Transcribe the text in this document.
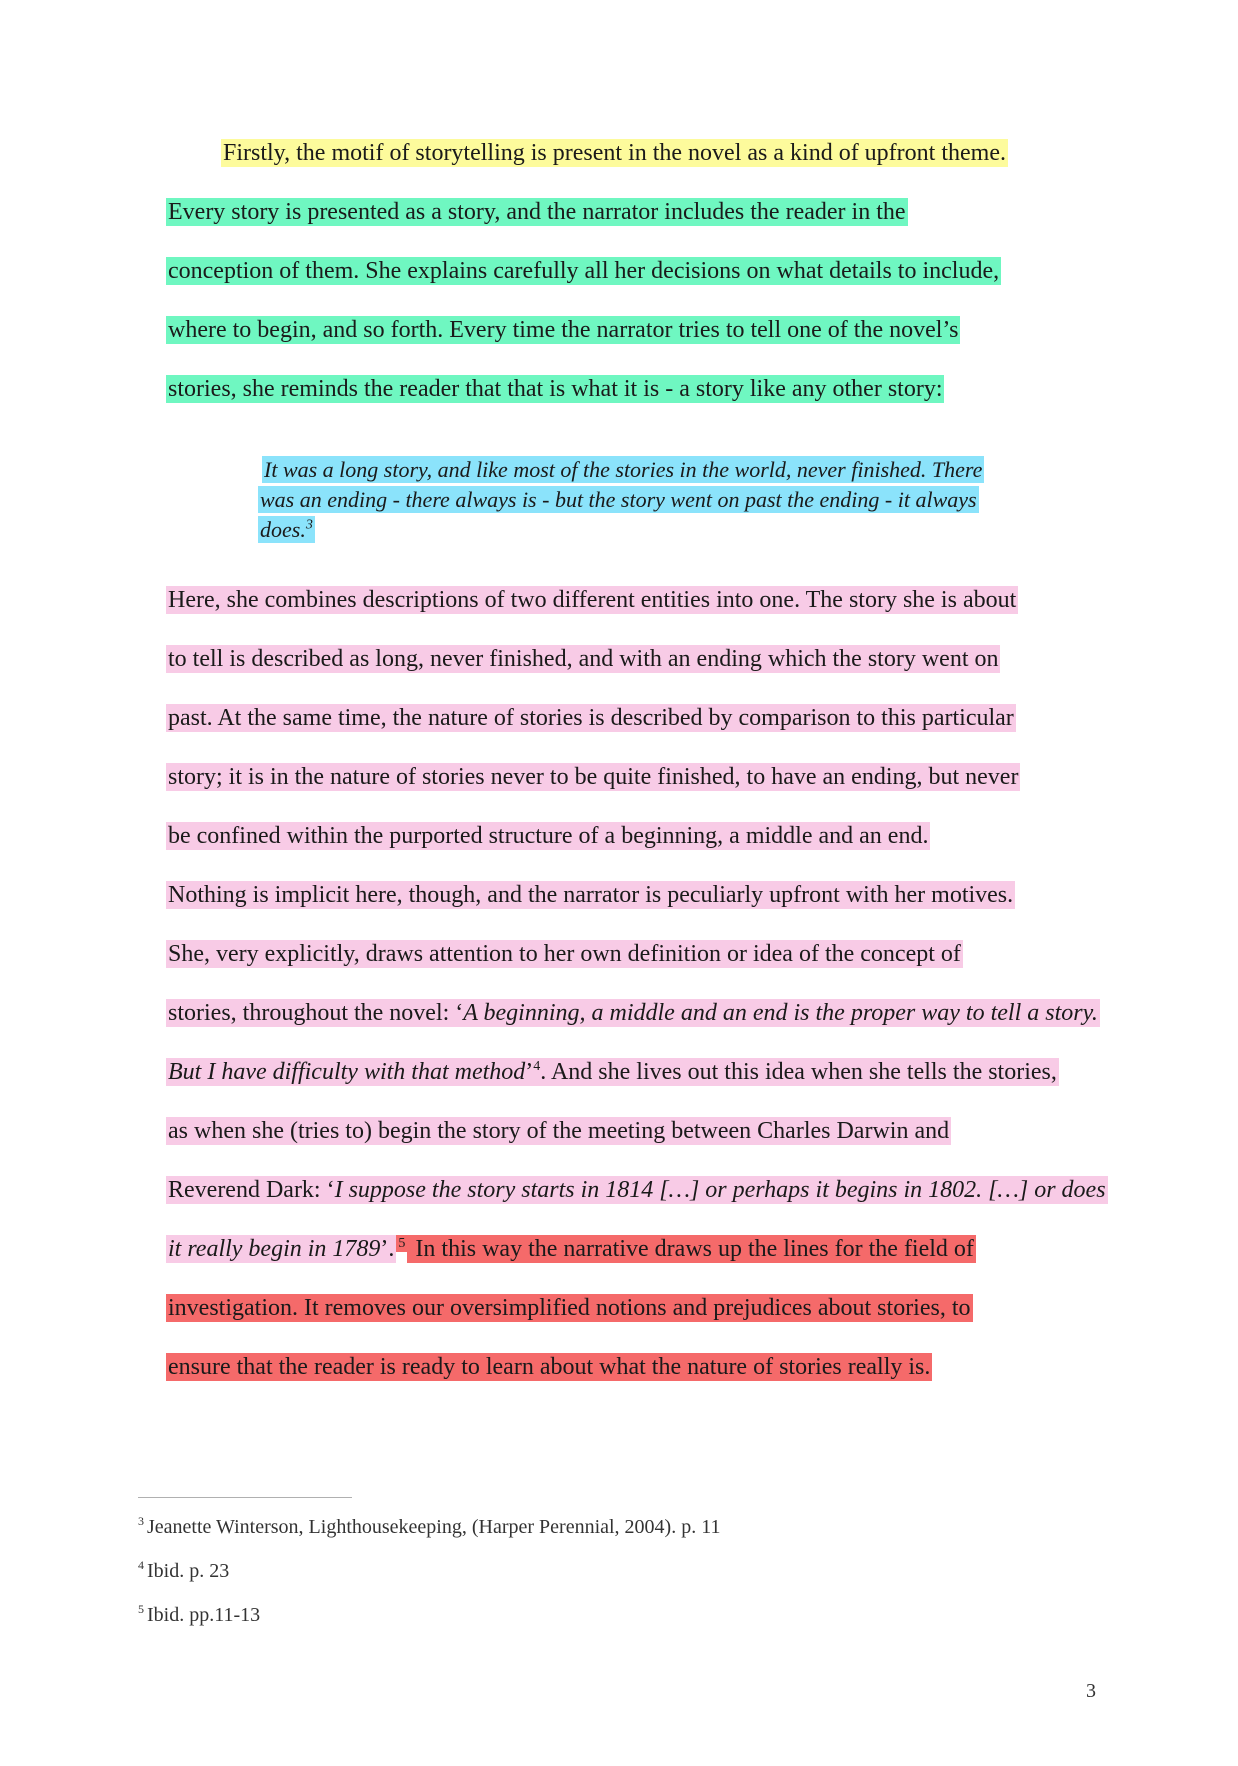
Firstly, the motif of storytelling is present in the novel as a kind of upfront theme.
Every story is presented as a story, and the narrator includes the reader in the
conception of them. She explains carefully all her decisions on what details to include,
where to begin, and so forth. Every time the narrator tries to tell one of the novel’s
stories, she reminds the reader that that is what it is - a story like any other story:
It was a long story, and like most of the stories in the world, never finished. There
was an ending - there always is - but the story went on past the ending - it always
does.$^3$
Here, she combines descriptions of two different entities into one. The story she is about
to tell is described as long, never finished, and with an ending which the story went on
past. At the same time, the nature of stories is described by comparison to this particular
story; it is in the nature of stories never to be quite finished, to have an ending, but never
be confined within the purported structure of a beginning, a middle and an end.
Nothing is implicit here, though, and the narrator is peculiarly upfront with her motives.
She, very explicitly, draws attention to her own definition or idea of the concept of
stories, throughout the novel: ‘A beginning, a middle and an end is the proper way to tell a story.
But I have difficulty with that method’$^4$. And she lives out this idea when she tells the stories,
as when she (tries to) begin the story of the meeting between Charles Darwin and
Reverend Dark: ‘I suppose the story starts in 1814 […] or perhaps it begins in 1802. […] or does
it really begin in 1789’. $^5$ In this way the narrative draws up the lines for the field of
investigation. It removes our oversimplified notions and prejudices about stories, to
ensure that the reader is ready to learn about what the nature of stories really is.
$^3$ Jeanette Winterson, Lighthousekeeping, (Harper Perennial, 2004). p. 11
$^4$ Ibid. p. 23
$^5$ Ibid. pp.11-13
3
